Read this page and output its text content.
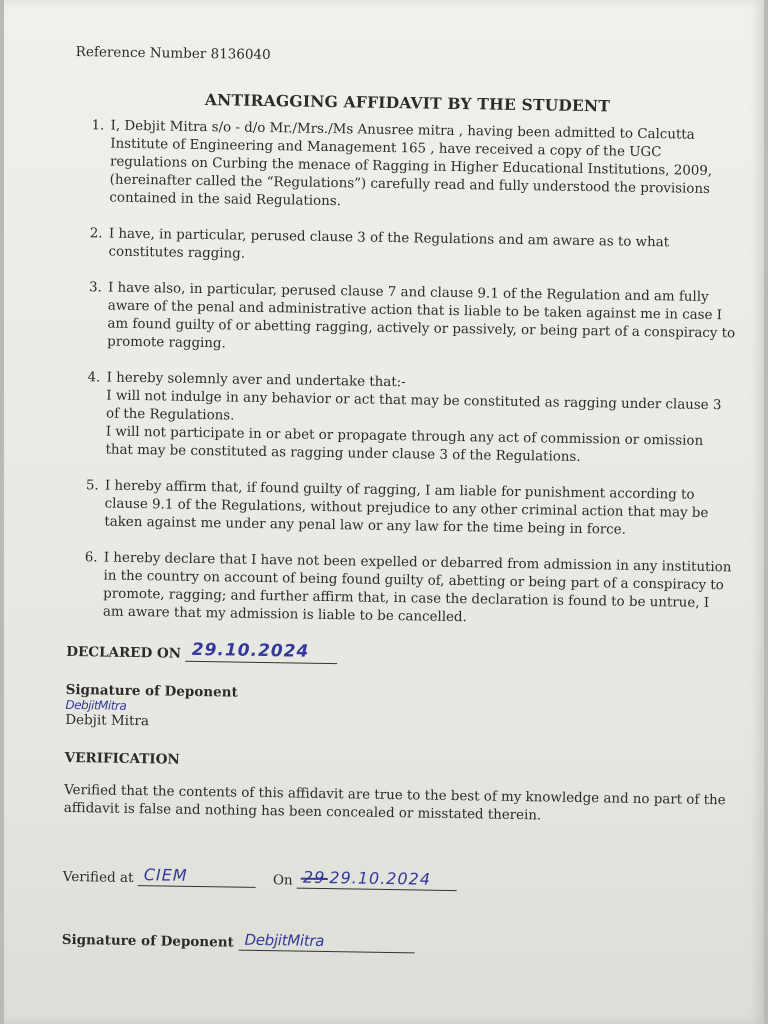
Reference Number 8136040
ANTIRAGGING AFFIDAVIT BY THE STUDENT
1. I, Debjit Mitra s/o - d/o Mr./Mrs./Ms Anusree mitra , having been admitted to Calcutta Institute of Engineering and Management 165 , have received a copy of the UGC regulations on Curbing the menace of Ragging in Higher Educational Institutions, 2009, (hereinafter called the “Regulations”) carefully read and fully understood the provisions contained in the said Regulations.
2. I have, in particular, perused clause 3 of the Regulations and am aware as to what constitutes ragging.
3. I have also, in particular, perused clause 7 and clause 9.1 of the Regulation and am fully aware of the penal and administrative action that is liable to be taken against me in case I am found guilty of or abetting ragging, actively or passively, or being part of a conspiracy to promote ragging.
4. I hereby solemnly aver and undertake that:-
I will not indulge in any behavior or act that may be constituted as ragging under clause 3 of the Regulations.
I will not participate in or abet or propagate through any act of commission or omission that may be constituted as ragging under clause 3 of the Regulations.
5. I hereby affirm that, if found guilty of ragging, I am liable for punishment according to clause 9.1 of the Regulations, without prejudice to any other criminal action that may be taken against me under any penal law or any law for the time being in force.
6. I hereby declare that I have not been expelled or debarred from admission in any institution in the country on account of being found guilty of, abetting or being part of a conspiracy to promote, ragging; and further affirm that, in case the declaration is found to be untrue, I am aware that my admission is liable to be cancelled.
DECLARED ON 29.10.2024
Signature of Deponent
DebjitMitra
Debjit Mitra
VERIFICATION
Verified that the contents of this affidavit are true to the best of my knowledge and no part of the affidavit is false and nothing has been concealed or misstated therein.
Verified at CIEM	On 29 29.10.2024
Signature of Deponent DebjitMitra
